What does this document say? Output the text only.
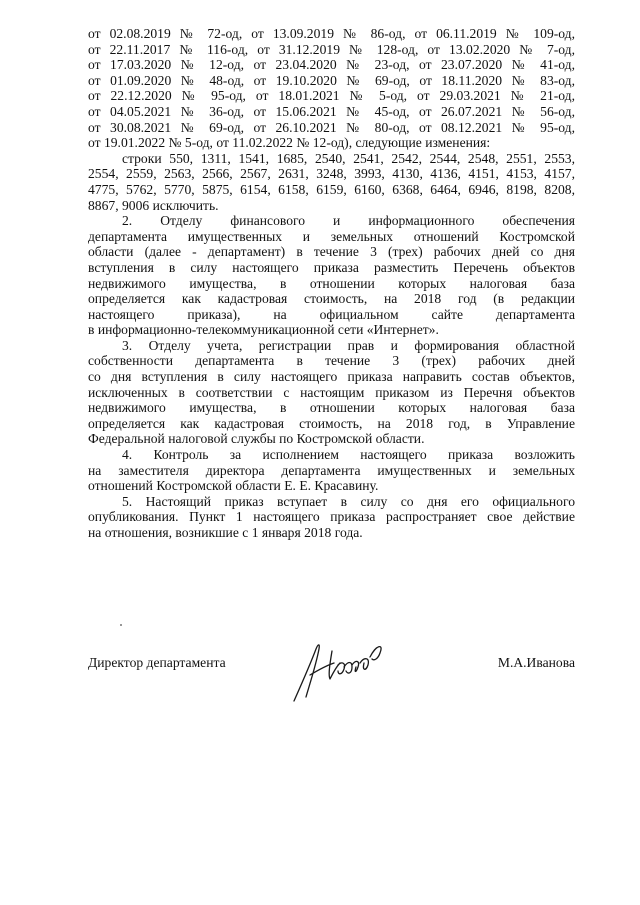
от 02.08.2019 № 72-од, от 13.09.2019 № 86-од, от 06.11.2019 № 109-од,
от 22.11.2017 № 116-од, от 31.12.2019 № 128-од, от 13.02.2020 № 7-од,
от 17.03.2020 № 12-од, от 23.04.2020 № 23-од, от 23.07.2020 № 41-од,
от 01.09.2020 № 48-од, от 19.10.2020 № 69-од, от 18.11.2020 № 83-од,
от 22.12.2020 № 95-од, от 18.01.2021 № 5-од, от 29.03.2021 № 21-од,
от 04.05.2021 № 36-од, от 15.06.2021 № 45-од, от 26.07.2021 № 56-од,
от 30.08.2021 № 69-од, от 26.10.2021 № 80-од, от 08.12.2021 № 95-од,
от 19.01.2022 № 5-од, от 11.02.2022 № 12-од), следующие изменения:
строки 550, 1311, 1541, 1685, 2540, 2541, 2542, 2544, 2548, 2551, 2553,
2554, 2559, 2563, 2566, 2567, 2631, 3248, 3993, 4130, 4136, 4151, 4153, 4157,
4775, 5762, 5770, 5875, 6154, 6158, 6159, 6160, 6368, 6464, 6946, 8198, 8208,
8867, 9006 исключить.
2. Отделу финансового и информационного обеспечения
департамента имущественных и земельных отношений Костромской
области (далее - департамент) в течение 3 (трех) рабочих дней со дня
вступления в силу настоящего приказа разместить Перечень объектов
недвижимого имущества, в отношении которых налоговая база
определяется как кадастровая стоимость, на 2018 год (в редакции
настоящего приказа), на официальном сайте департамента
в информационно-телекоммуникационной сети «Интернет».
3. Отделу учета, регистрации прав и формирования областной
собственности департамента в течение 3 (трех) рабочих дней
со дня вступления в силу настоящего приказа направить состав объектов,
исключенных в соответствии с настоящим приказом из Перечня объектов
недвижимого имущества, в отношении которых налоговая база
определяется как кадастровая стоимость, на 2018 год, в Управление
Федеральной налоговой службы по Костромской области.
4. Контроль за исполнением настоящего приказа возложить
на заместителя директора департамента имущественных и земельных
отношений Костромской области Е. Е. Красавину.
5. Настоящий приказ вступает в силу со дня его официального
опубликования. Пункт 1 настоящего приказа распространяет свое действие
на отношения, возникшие с 1 января 2018 года.
Директор департамента	М.А.Иванова
